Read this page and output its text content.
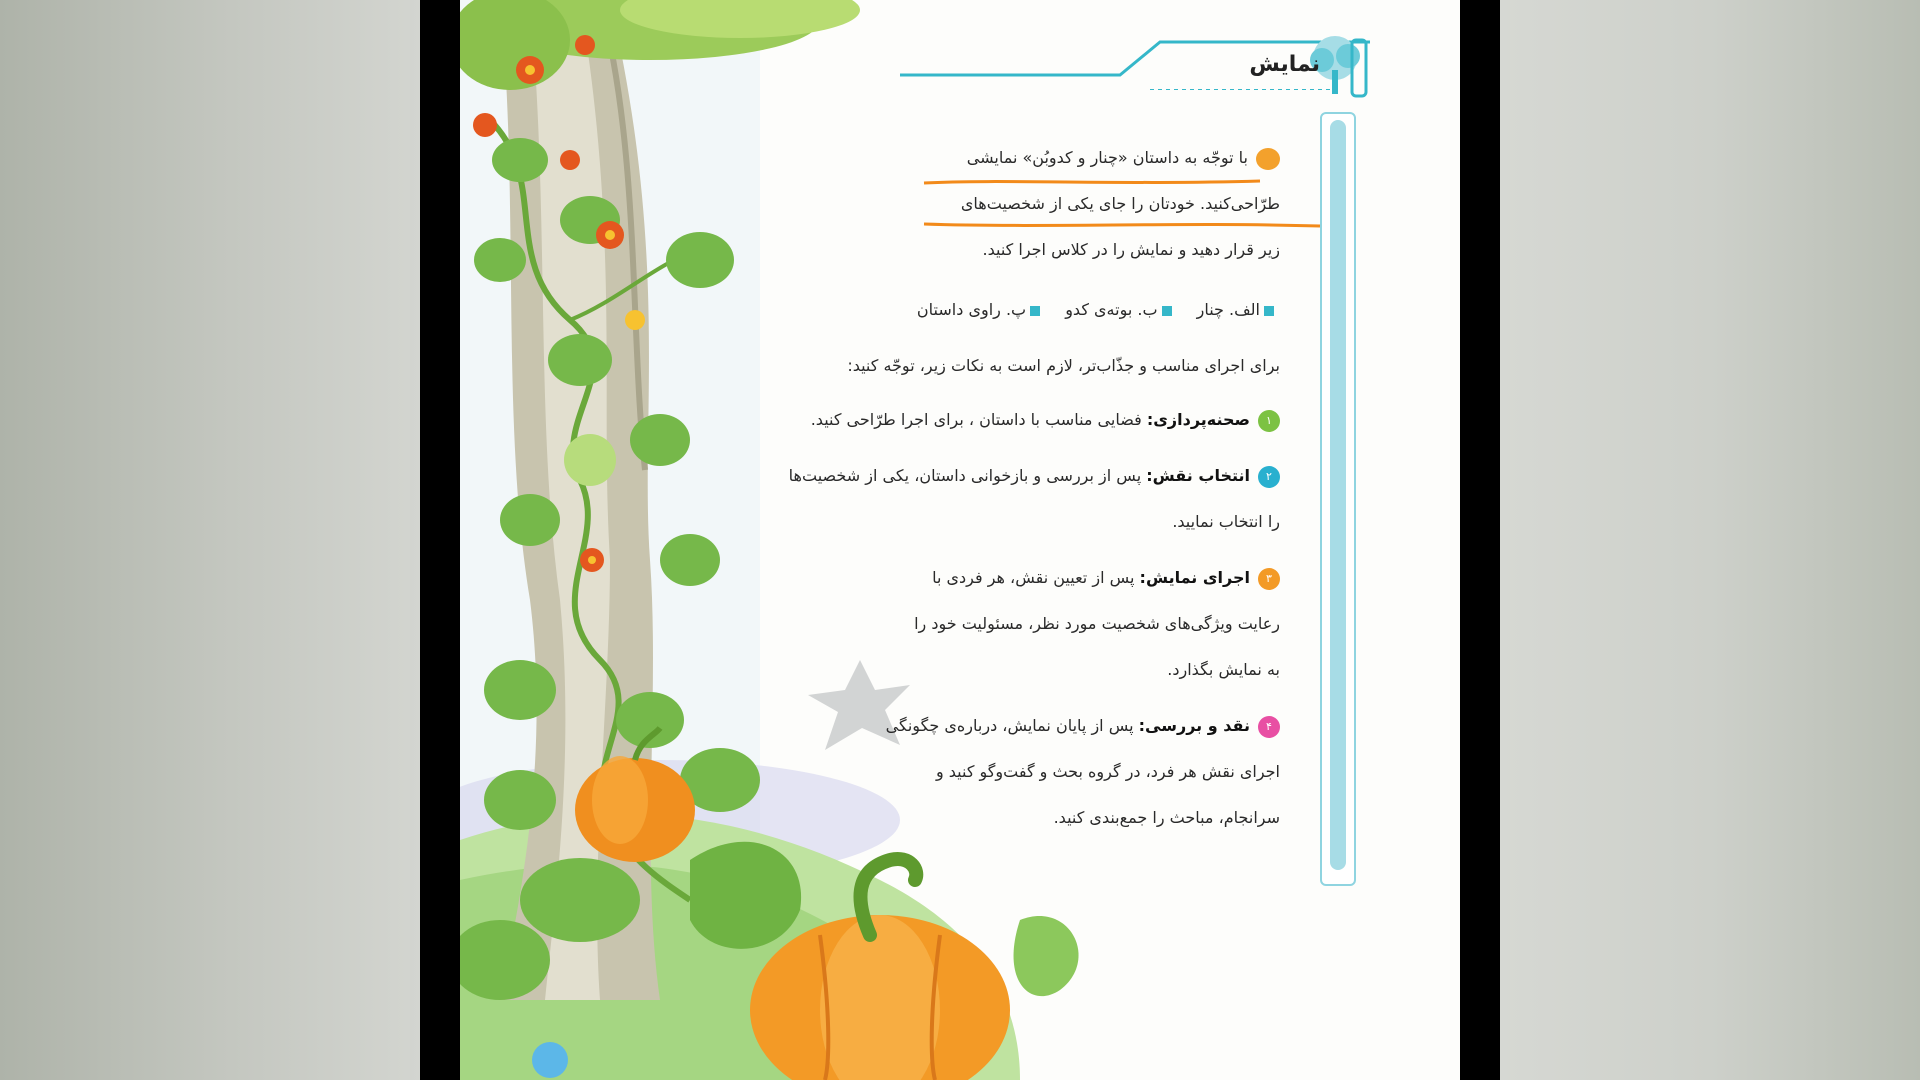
نمایش
با توجّه به داستان «چنار و کدوبُن» نمایشی
طرّاحی‌کنید. خودتان را جای یکی از شخصیت‌های
زیر قرار دهید و نمایش را در کلاس اجرا کنید.
الف. چنار ب. بوته‌ی کدو پ. راوی داستان
برای اجرای مناسب و جذّاب‌تر، لازم است به نکات زیر، توجّه کنید:
۱صحنه‌پردازی: فضایی مناسب با داستان ، برای اجرا طرّاحی کنید.
۲انتخاب نقش: پس از بررسی و بازخوانی داستان، یکی از شخصیت‌ها
را انتخاب نمایید.
۳اجرای نمایش: پس از تعیین نقش، هر فردی با
رعایت ویژگی‌های شخصیت مورد نظر، مسئولیت خود را
به نمایش بگذارد.
۴نقد و بررسی: پس از پایان نمایش، درباره‌ی چگونگی
اجرای نقش هر فرد، در گروه بحث و گفت‌وگو کنید و
سرانجام، مباحث را جمع‌بندی کنید.
